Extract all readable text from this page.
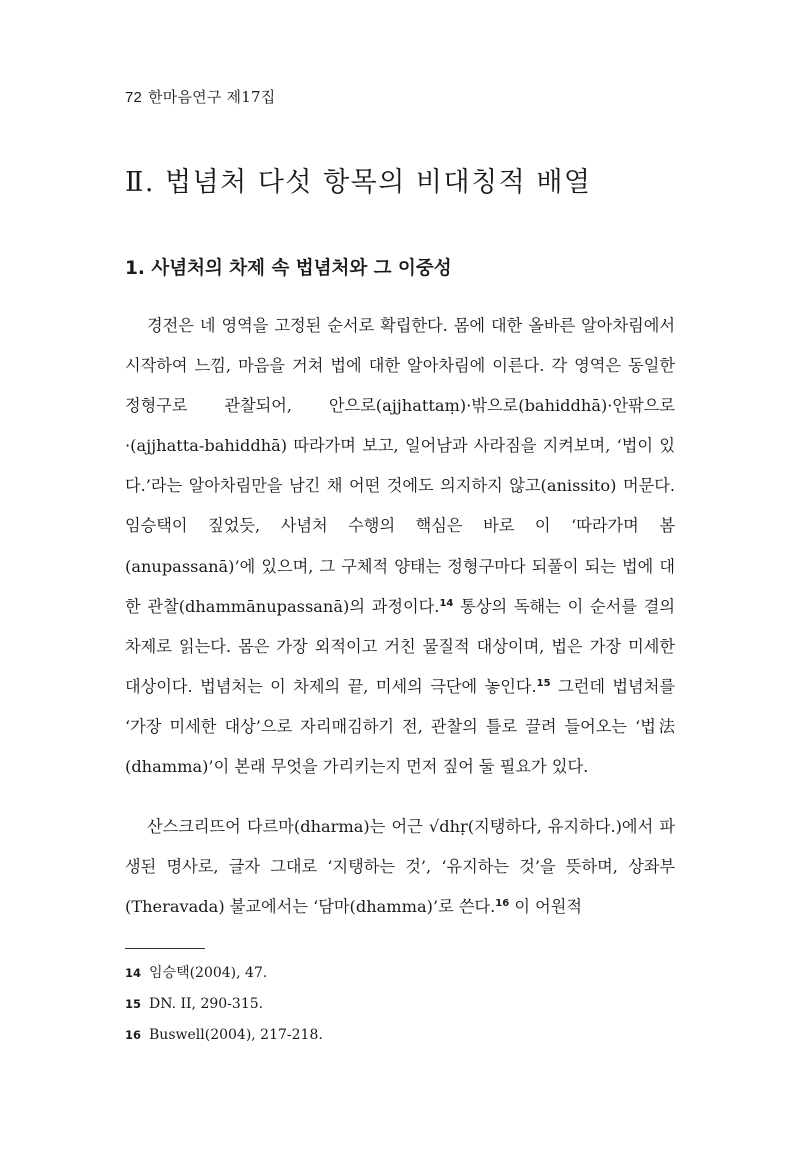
72 한마음연구 제17집
Ⅱ. 법념처 다섯 항목의 비대칭적 배열
1. 사념처의 차제 속 법념처와 그 이중성

경전은 네 영역을 고정된 순서로 확립한다. 몸에 대한 올바른 알아차림에서 시작하여 느낌, 마음을 거쳐 법에 대한 알아차림에 이른다. 각 영역은 동일한 정형구로 관찰되어, 안으로(ajjhattaṃ)·밖으로(bahiddhā)·안팎으로·(ajjhatta-bahiddhā) 따라가며 보고, 일어남과 사라짐을 지켜보며, ‘법이 있다.’라는 알아차림만을 남긴 채 어떤 것에도 의지하지 않고(anissito) 머문다. 임승택이 짚었듯, 사념처 수행의 핵심은 바로 이 ‘따라가며 봄(anupassanā)’에 있으며, 그 구체적 양태는 정형구마다 되풀이 되는 법에 대한 관찰(dhammānupassanā)의 과정이다.$^{14}$ 통상의 독해는 이 순서를 결의 차제로 읽는다. 몸은 가장 외적이고 거친 물질적 대상이며, 법은 가장 미세한 대상이다. 법념처는 이 차제의 끝, 미세의 극단에 놓인다.$^{15}$ 그런데 법념처를 ‘가장 미세한 대상’으로 자리매김하기 전, 관찰의 틀로 끌려 들어오는 ‘법法(dhamma)’이 본래 무엇을 가리키는지 먼저 짚어 둘 필요가 있다.

산스크리뜨어 다르마(dharma)는 어근 √dhṛ(지탱하다, 유지하다.)에서 파생된 명사로, 글자 그대로 ‘지탱하는 것’, ‘유지하는 것’을 뜻하며, 상좌부(Theravada) 불교에서는 ‘담마(dhamma)’로 쓴다.$^{16}$ 이 어원적

14 임승택(2004), 47.
15 DN. II, 290-315.
16 Buswell(2004), 217-218.
